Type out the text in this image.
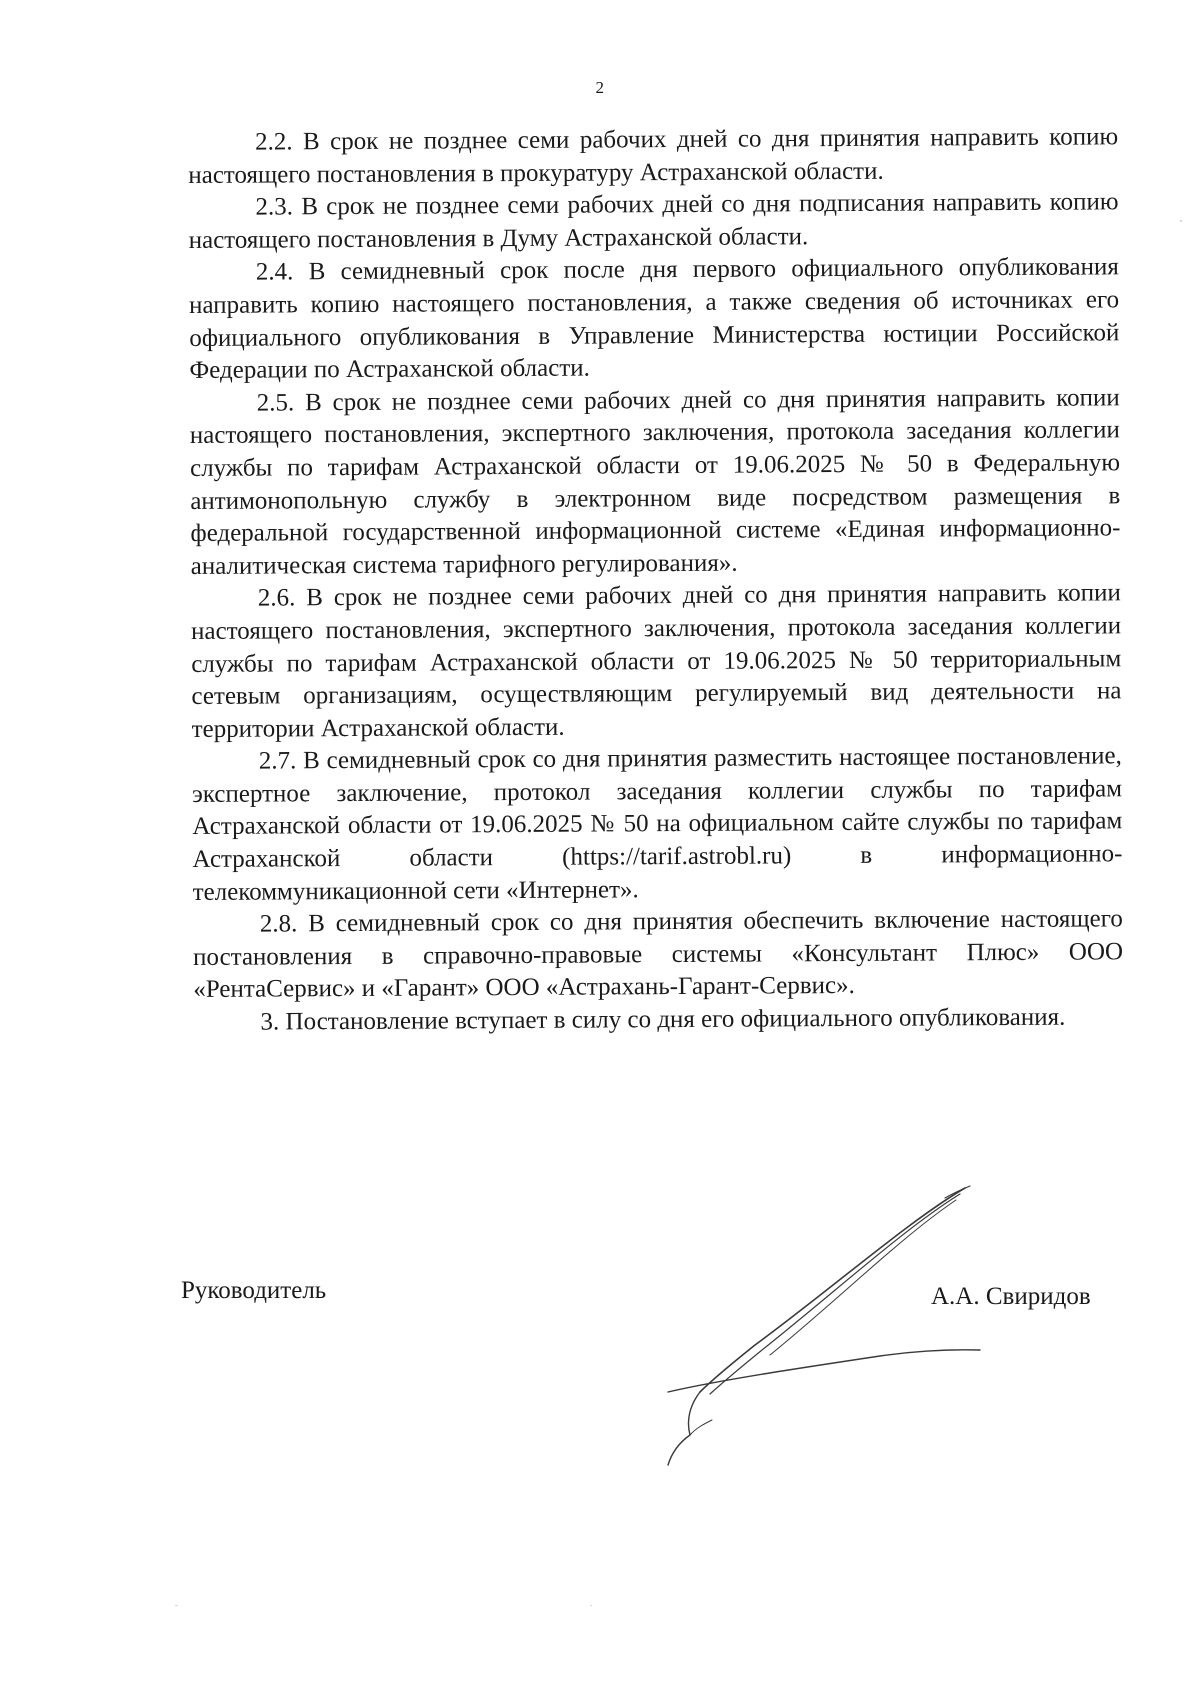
2

2.2. В срок не позднее семи рабочих дней со дня принятия направить копию настоящего постановления в прокуратуру Астраханской области.

2.3. В срок не позднее семи рабочих дней со дня подписания направить копию настоящего постановления в Думу Астраханской области.

2.4. В семидневный срок после дня первого официального опубликования направить копию настоящего постановления, а также сведения об источниках его официального опубликования в Управление Министерства юстиции Российской Федерации по Астраханской области.

2.5. В срок не позднее семи рабочих дней со дня принятия направить копии настоящего постановления, экспертного заключения, протокола заседания коллегии службы по тарифам Астраханской области от 19.06.2025 № 50 в Федеральную антимонопольную службу в электронном виде посредством размещения в федеральной государственной информационной системе «Единая информационно-аналитическая система тарифного регулирования».

2.6. В срок не позднее семи рабочих дней со дня принятия направить копии настоящего постановления, экспертного заключения, протокола заседания коллегии службы по тарифам Астраханской области от 19.06.2025 № 50 территориальным сетевым организациям, осуществляющим регулируемый вид деятельности на территории Астраханской области.

2.7. В семидневный срок со дня принятия разместить настоящее постановление, экспертное заключение, протокол заседания коллегии службы по тарифам Астраханской области от 19.06.2025 № 50 на официальном сайте службы по тарифам Астраханской области (https://tarif.astrobl.ru) в информационно-телекоммуникационной сети «Интернет».

2.8. В семидневный срок со дня принятия обеспечить включение настоящего постановления в справочно-правовые системы «Консультант Плюс» ООО «РентаСервис» и «Гарант» ООО «Астрахань-Гарант-Сервис».

3. Постановление вступает в силу со дня его официального опубликования.

Руководитель	А.А. Свиридов
